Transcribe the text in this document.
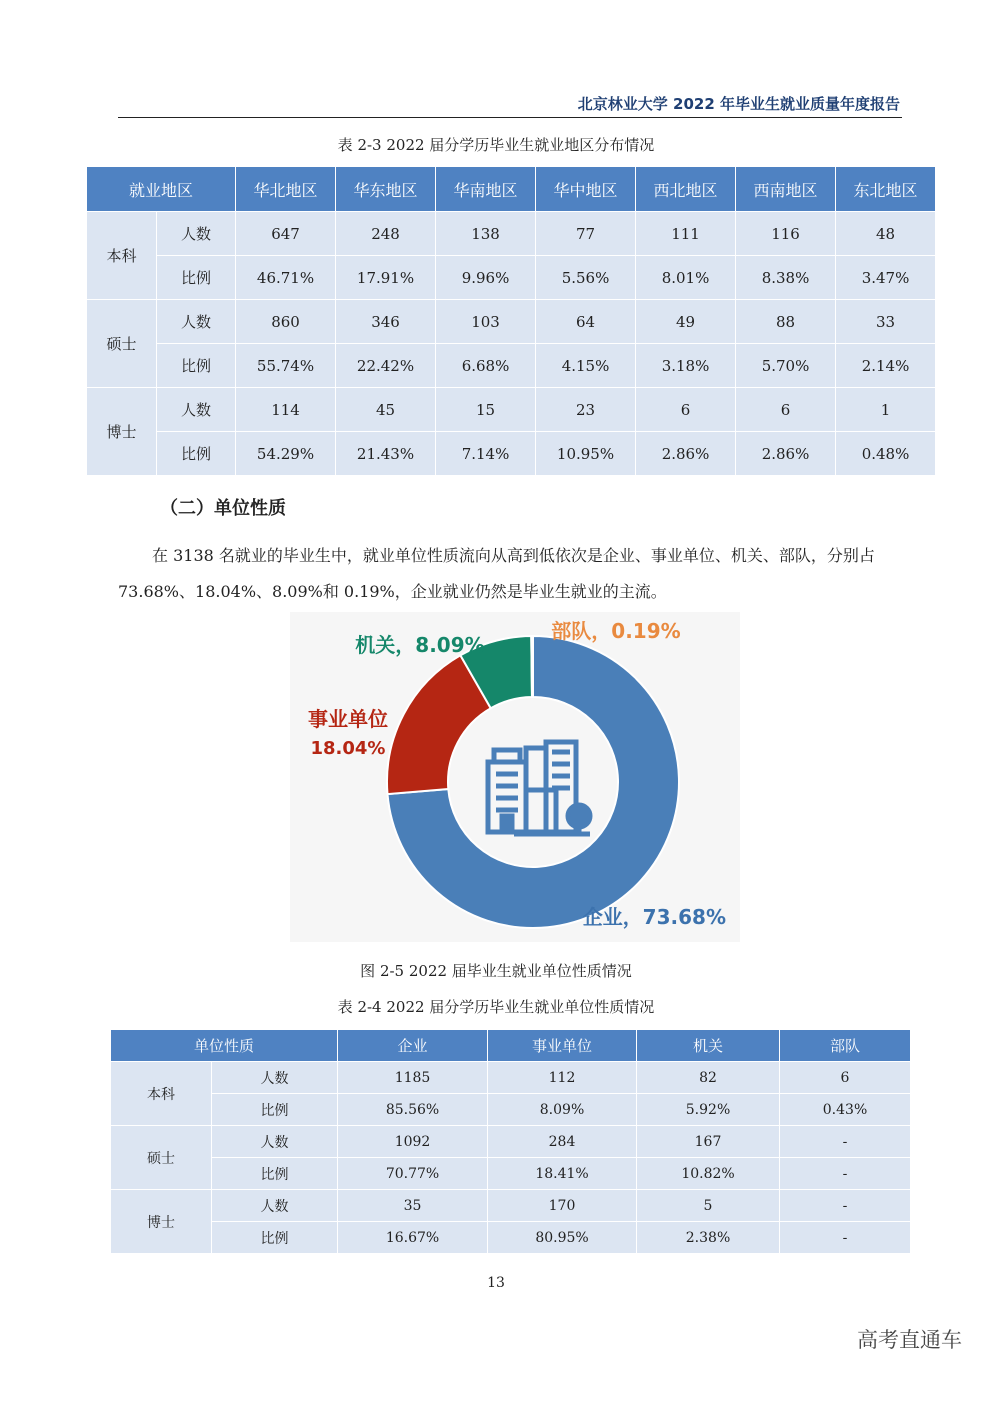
北京林业大学 2022 年毕业生就业质量年度报告
表 2-3 2022 届分学历毕业生就业地区分布情况
就业地区		华北地区	华东地区	华南地区	华中地区	西北地区	西南地区	东北地区
本科	人数	647	248	138	77	111	116	48
	比例	46.71%	17.91%	9.96%	5.56%	8.01%	8.38%	3.47%
硕士	人数	860	346	103	64	49	88	33
	比例	55.74%	22.42%	6.68%	4.15%	3.18%	5.70%	2.14%
博士	人数	114	45	15	23	6	6	1
	比例	54.29%	21.43%	7.14%	10.95%	2.86%	2.86%	0.48%
（二）单位性质
在 3138 名就业的毕业生中，就业单位性质流向从高到低依次是企业、事业单位、机关、部队，分别占 73.68%、18.04%、8.09%和 0.19%，企业就业仍然是毕业生就业的主流。
企业，73.68%
事业单位
18.04%
机关，8.09%
部队，0.19%
图 2-5 2022 届毕业生就业单位性质情况
表 2-4 2022 届分学历毕业生就业单位性质情况
单位性质		企业	事业单位	机关	部队
本科	人数	1185	112	82	6
	比例	85.56%	8.09%	5.92%	0.43%
硕士	人数	1092	284	167	-
	比例	70.77%	18.41%	10.82%	-
博士	人数	35	170	5	-
	比例	16.67%	80.95%	2.38%	-
13
高考直通车
